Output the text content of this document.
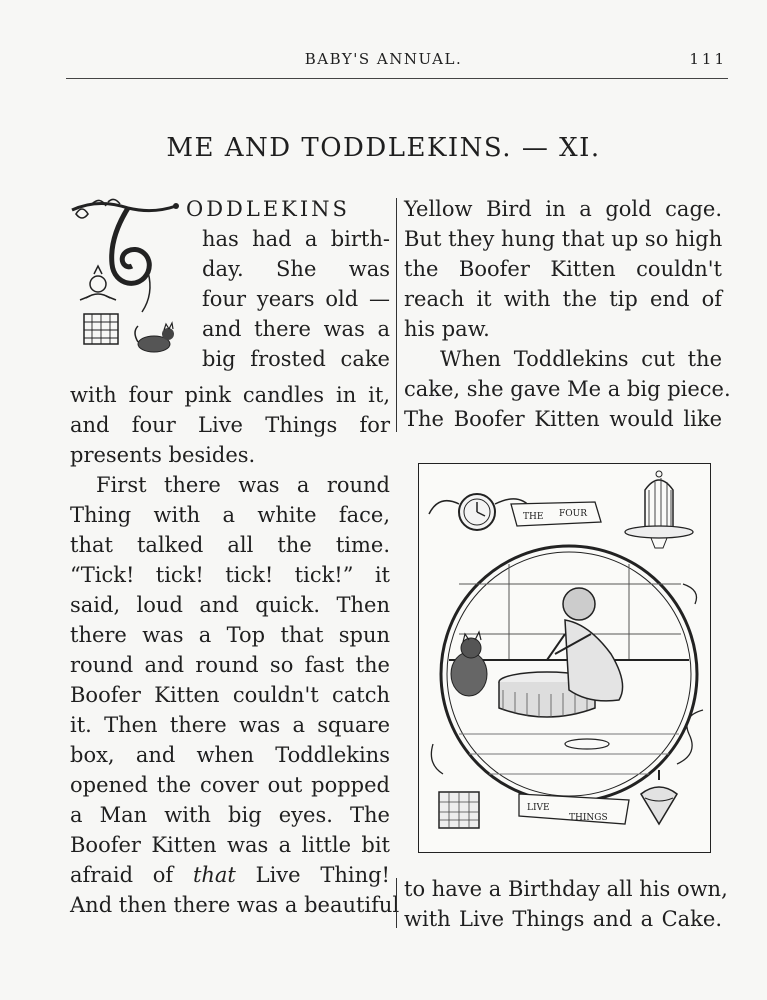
BABY'S ANNUAL.	111
ME AND TODDLEKINS. — XI.
ODDLEKINS
has had a birth-
day. She was
four years old —
and there was a
big frosted cake
with four pink candles in it,
and four Live Things for
presents besides.
First there was a round
Thing with a white face,
that talked all the time.
“Tick! tick! tick! tick!” it
said, loud and quick. Then
there was a Top that spun
round and round so fast the
Boofer Kitten couldn't catch
it. Then there was a square
box, and when Toddlekins
opened the cover out popped
a Man with big eyes. The
Boofer Kitten was a little bit
afraid of that Live Thing!
And then there was a beautiful
Yellow Bird in a gold cage.
But they hung that up so high
the Boofer Kitten couldn't
reach it with the tip end of
his paw.
When Toddlekins cut the
cake, she gave Me a big piece.
The Boofer Kitten would like
THE FOUR
LIVE
THINGS
to have a Birthday all his own,
with Live Things and a Cake.
